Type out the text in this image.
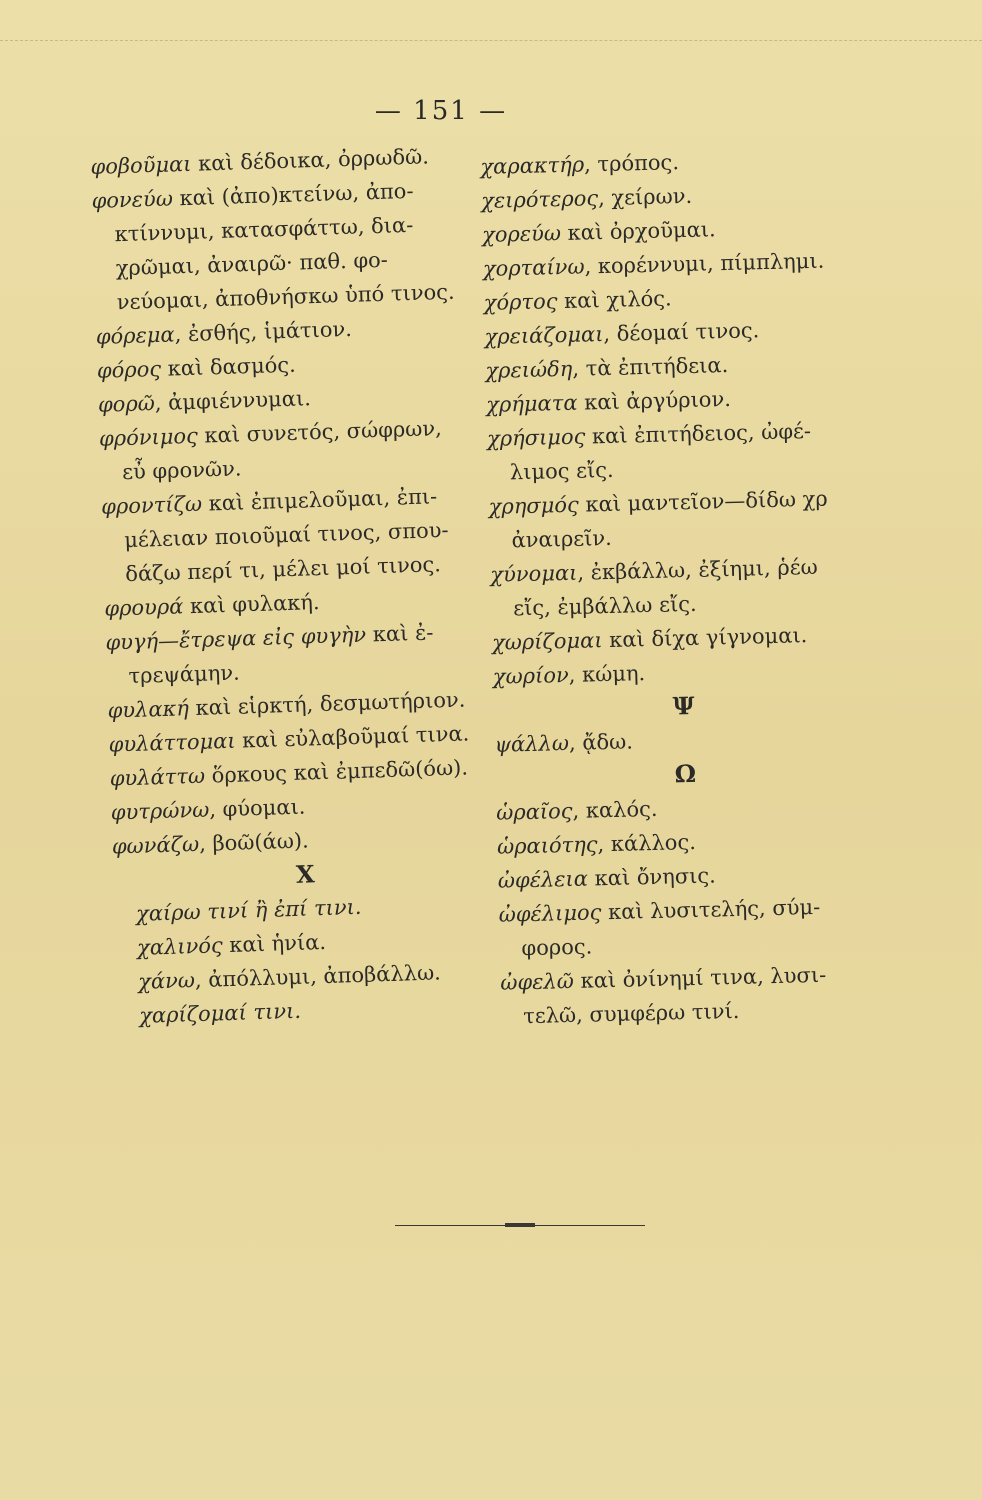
— 151 —
φοβοῦμαι καὶ δέδοικα, ὀρρωδῶ.
φονεύω καὶ (ἀπο)κτείνω, ἀπο-
κτίννυμι, κατασφάττω, δια-
χρῶμαι, ἀναιρῶ· παθ. φο-
νεύομαι, ἀποθνήσκω ὑπό τινος.
φόρεμα, ἐσθής, ἱμάτιον.
φόρος καὶ δασμός.
φορῶ, ἀμφιέννυμαι.
φρόνιμος καὶ συνετός, σώφρων,
εὖ φρονῶν.
φροντίζω καὶ ἐπιμελοῦμαι, ἐπι-
μέλειαν ποιοῦμαί τινος, σπου-
δάζω περί τι, μέλει μοί τινος.
φρουρά καὶ φυλακή.
φυγή—ἔτρεψα εἰς φυγὴν καὶ ἐ-
τρεψάμην.
φυλακή καὶ εἱρκτή, δεσμωτήριον.
φυλάττομαι καὶ εὐλαβοῦμαί τινα.
φυλάττω ὅρκους καὶ ἐμπεδῶ(όω).
φυτρώνω, φύομαι.
φωνάζω, βοῶ(άω).
Χ
χαίρω τινί ἢ ἐπί τινι.
χαλινός καὶ ἡνία.
χάνω, ἀπόλλυμι, ἀποβάλλω.
χαρίζομαί τινι.
χαρακτήρ, τρόπος.
χειρότερος, χείρων.
χορεύω καὶ ὀρχοῦμαι.
χορταίνω, κορέννυμι, πίμπλημι.
χόρτος καὶ χιλός.
χρειάζομαι, δέομαί τινος.
χρειώδη, τὰ ἐπιτήδεια.
χρήματα καὶ ἀργύριον.
χρήσιμος καὶ ἐπιτήδειος, ὠφέ-
λιμος εἴς.
χρησμός καὶ μαντεῖον—δίδω χρ
ἀναιρεῖν.
χύνομαι, ἐκβάλλω, ἐξίημι, ῥέω
εἴς, ἐμβάλλω εἴς.
χωρίζομαι καὶ δίχα γίγνομαι.
χωρίον, κώμη.
Ψ
ψάλλω, ᾄδω.
Ω
ὡραῖος, καλός.
ὡραιότης, κάλλος.
ὠφέλεια καὶ ὄνησις.
ὠφέλιμος καὶ λυσιτελής, σύμ-
φορος.
ὠφελῶ καὶ ὀνίνημί τινα, λυσι-
τελῶ, συμφέρω τινί.
